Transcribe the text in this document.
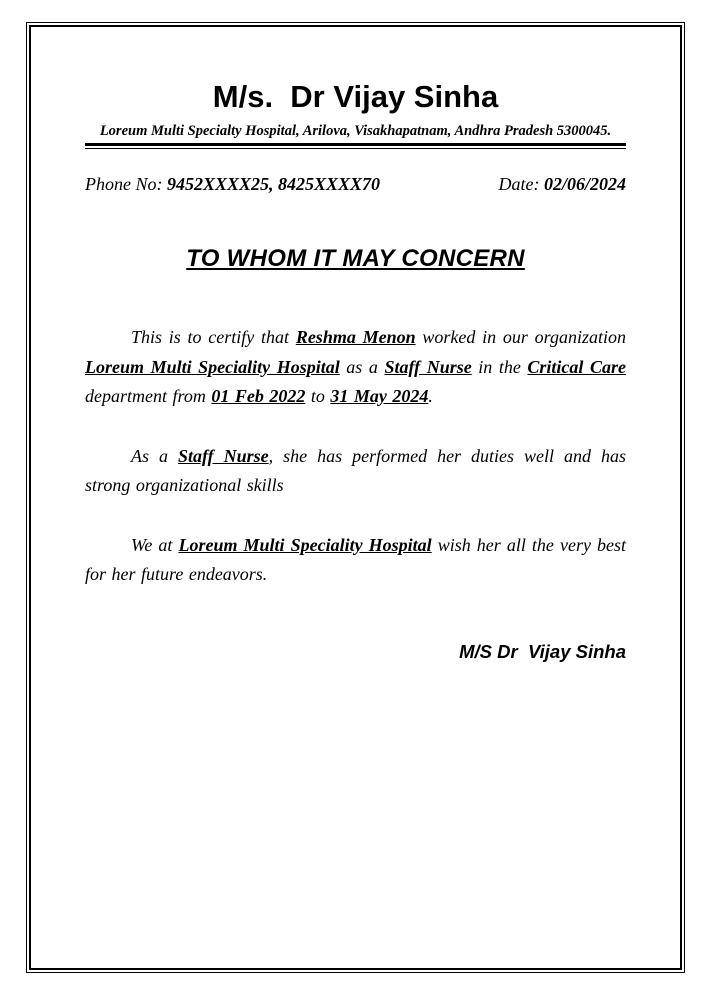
M/s.  Dr Vijay Sinha
Loreum Multi Specialty Hospital, Arilova, Visakhapatnam, Andhra Pradesh 5300045.
Phone No: 9452XXXX25, 8425XXXX70	Date: 02/06/2024
TO WHOM IT MAY CONCERN

This is to certify that Reshma Menon worked in our organization Loreum Multi Speciality Hospital as a Staff Nurse in the Critical Care department from 01 Feb 2022 to 31 May 2024.

As a Staff Nurse, she has performed her duties well and has strong organizational skills

We at Loreum Multi Speciality Hospital wish her all the very best for her future endeavors.

M/S Dr  Vijay Sinha
